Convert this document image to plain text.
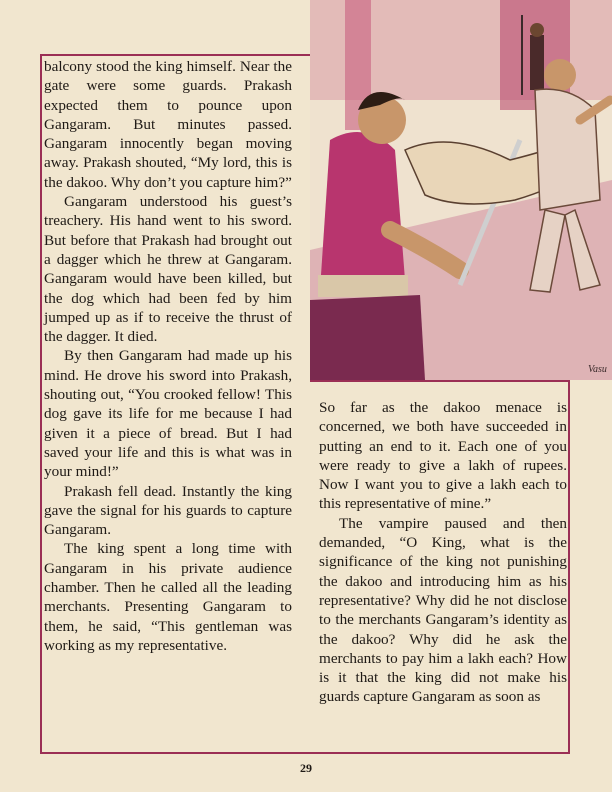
balcony stood the king himself. Near the gate were some guards. Prakash expected them to pounce upon Gangaram. But minutes passed. Gangaram innocently began moving away. Prakash shouted, “My lord, this is the dakoo. Why don’t you capture him?”

Gangaram understood his guest’s treachery. His hand went to his sword. But before that Prakash had brought out a dagger which he threw at Gangaram. Gangaram would have been killed, but the dog which had been fed by him jumped up as if to receive the thrust of the dagger. It died.

By then Gangaram had made up his mind. He drove his sword into Prakash, shouting out, “You crooked fellow! This dog gave its life for me because I had given it a piece of bread. But I had saved your life and this is what was in your mind!”

Prakash fell dead. Instantly the king gave the signal for his guards to capture Gangaram.

The king spent a long time with Gangaram in his private audience chamber. Then he called all the leading merchants. Presenting Gangaram to them, he said, “This gentleman was working as my representative.

So far as the dakoo menace is concerned, we both have succeeded in putting an end to it. Each one of you were ready to give a lakh of rupees. Now I want you to give a lakh each to this representative of mine.”

The vampire paused and then demanded, “O King, what is the significance of the king not punishing the dakoo and introducing him as his representative? Why did he not disclose to the merchants Gangaram’s identity as the dakoo? Why did he ask the merchants to pay him a lakh each? How is it that the king did not make his guards capture Gangaram as soon as

Vasu
29
